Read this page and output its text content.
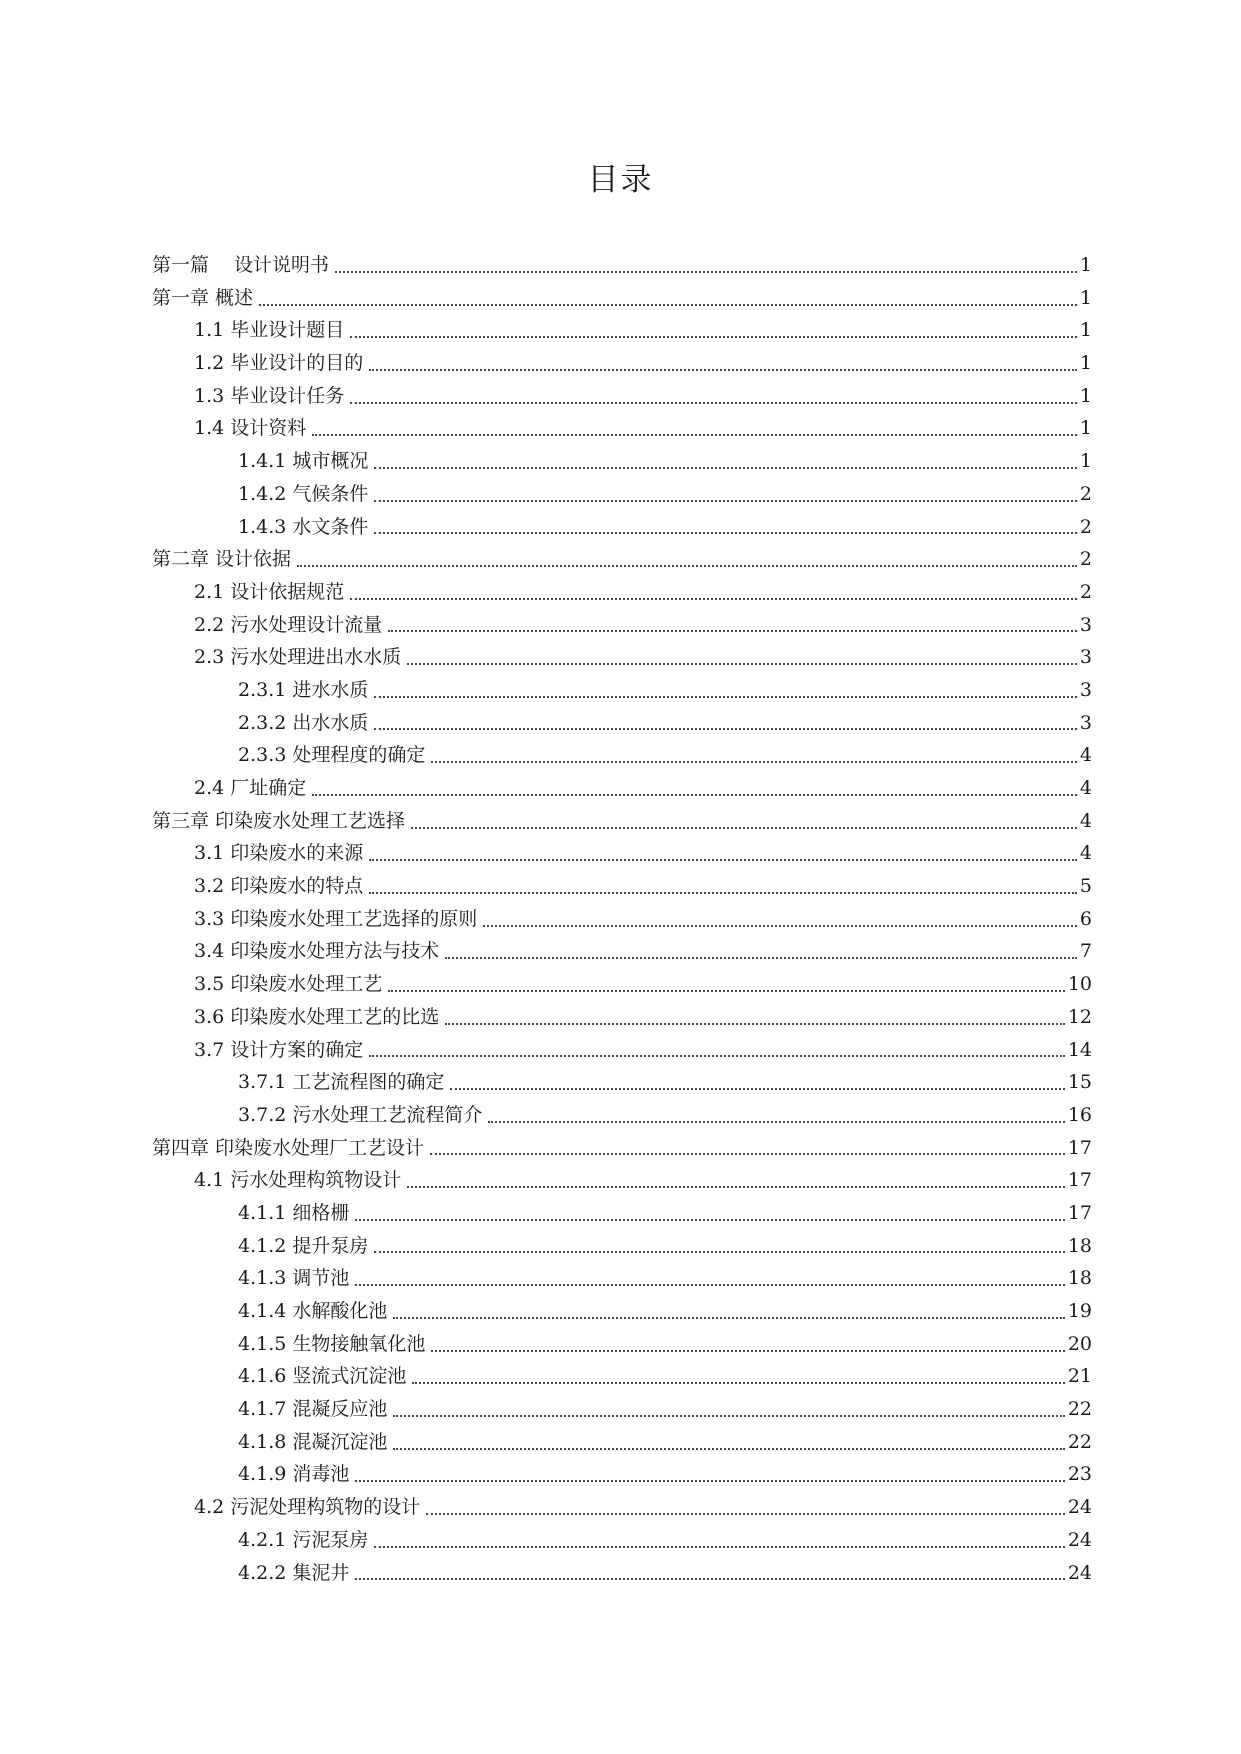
目录
第一篇　 设计说明书	1
第一章 概述	1
1.1 毕业设计题目	1
1.2 毕业设计的目的	1
1.3 毕业设计任务	1
1.4 设计资料	1
1.4.1 城市概况	1
1.4.2 气候条件	2
1.4.3 水文条件	2
第二章 设计依据	2
2.1 设计依据规范	2
2.2 污水处理设计流量	3
2.3 污水处理进出水水质	3
2.3.1 进水水质	3
2.3.2 出水水质	3
2.3.3 处理程度的确定	4
2.4 厂址确定	4
第三章 印染废水处理工艺选择	4
3.1 印染废水的来源	4
3.2 印染废水的特点	5
3.3 印染废水处理工艺选择的原则	6
3.4 印染废水处理方法与技术	7
3.5 印染废水处理工艺	10
3.6 印染废水处理工艺的比选	12
3.7 设计方案的确定	14
3.7.1 工艺流程图的确定	15
3.7.2 污水处理工艺流程简介	16
第四章 印染废水处理厂工艺设计	17
4.1 污水处理构筑物设计	17
4.1.1 细格栅	17
4.1.2 提升泵房	18
4.1.3 调节池	18
4.1.4 水解酸化池	19
4.1.5 生物接触氧化池	20
4.1.6 竖流式沉淀池	21
4.1.7 混凝反应池	22
4.1.8 混凝沉淀池	22
4.1.9 消毒池	23
4.2 污泥处理构筑物的设计	24
4.2.1 污泥泵房	24
4.2.2 集泥井	24
